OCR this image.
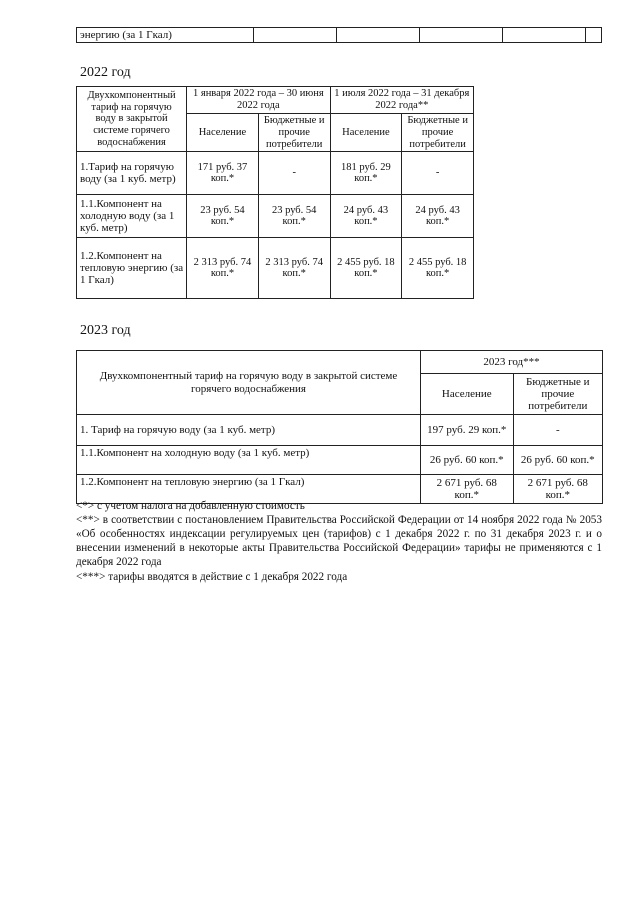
энергию (за 1 Гкал)					
2022 год
Двухкомпонентный тариф на горячую воду в закрытой системе горячего водоснабжения	1 января 2022 года – 30 июня 2022 года		1 июля 2022 года – 31 декабря 2022 года**	
	Население	Бюджетные и прочие потребители	Население	Бюджетные и прочие потребители
1.Тариф на горячую воду (за 1 куб. метр)	171 руб. 37 коп.*	-	181 руб. 29 коп.*	-
1.1.Компонент на холодную воду (за 1 куб. метр)	23 руб. 54 коп.*	23 руб. 54 коп.*	24 руб. 43 коп.*	24 руб. 43 коп.*
1.2.Компонент на тепловую энергию (за 1 Гкал)	2 313 руб. 74 коп.*	2 313 руб. 74 коп.*	2 455 руб. 18 коп.*	2 455 руб. 18 коп.*
2023 год
Двухкомпонентный тариф на горячую воду в закрытой системе горячего водоснабжения	2023 год***	
	Население	Бюджетные и прочие потребители
1. Тариф на горячую воду (за 1 куб. метр)	197 руб. 29 коп.*	-
1.1.Компонент на холодную воду (за 1 куб. метр)	26 руб. 60 коп.*	26 руб. 60 коп.*
1.2.Компонент на тепловую энергию (за 1 Гкал)	2 671 руб. 68 коп.*	2 671 руб. 68 коп.*

<*> с учетом налога на добавленную стоимость

<**> в соответствии с постановлением Правительства Российской Федерации от 14 ноября 2022 года № 2053 «Об особенностях индексации регулируемых цен (тарифов) с 1 декабря 2022 г. по 31 декабря 2023 г. и о внесении изменений в некоторые акты Правительства Российской Федерации» тарифы не применяются с 1 декабря 2022 года

<***> тарифы вводятся в действие с 1 декабря 2022 года
